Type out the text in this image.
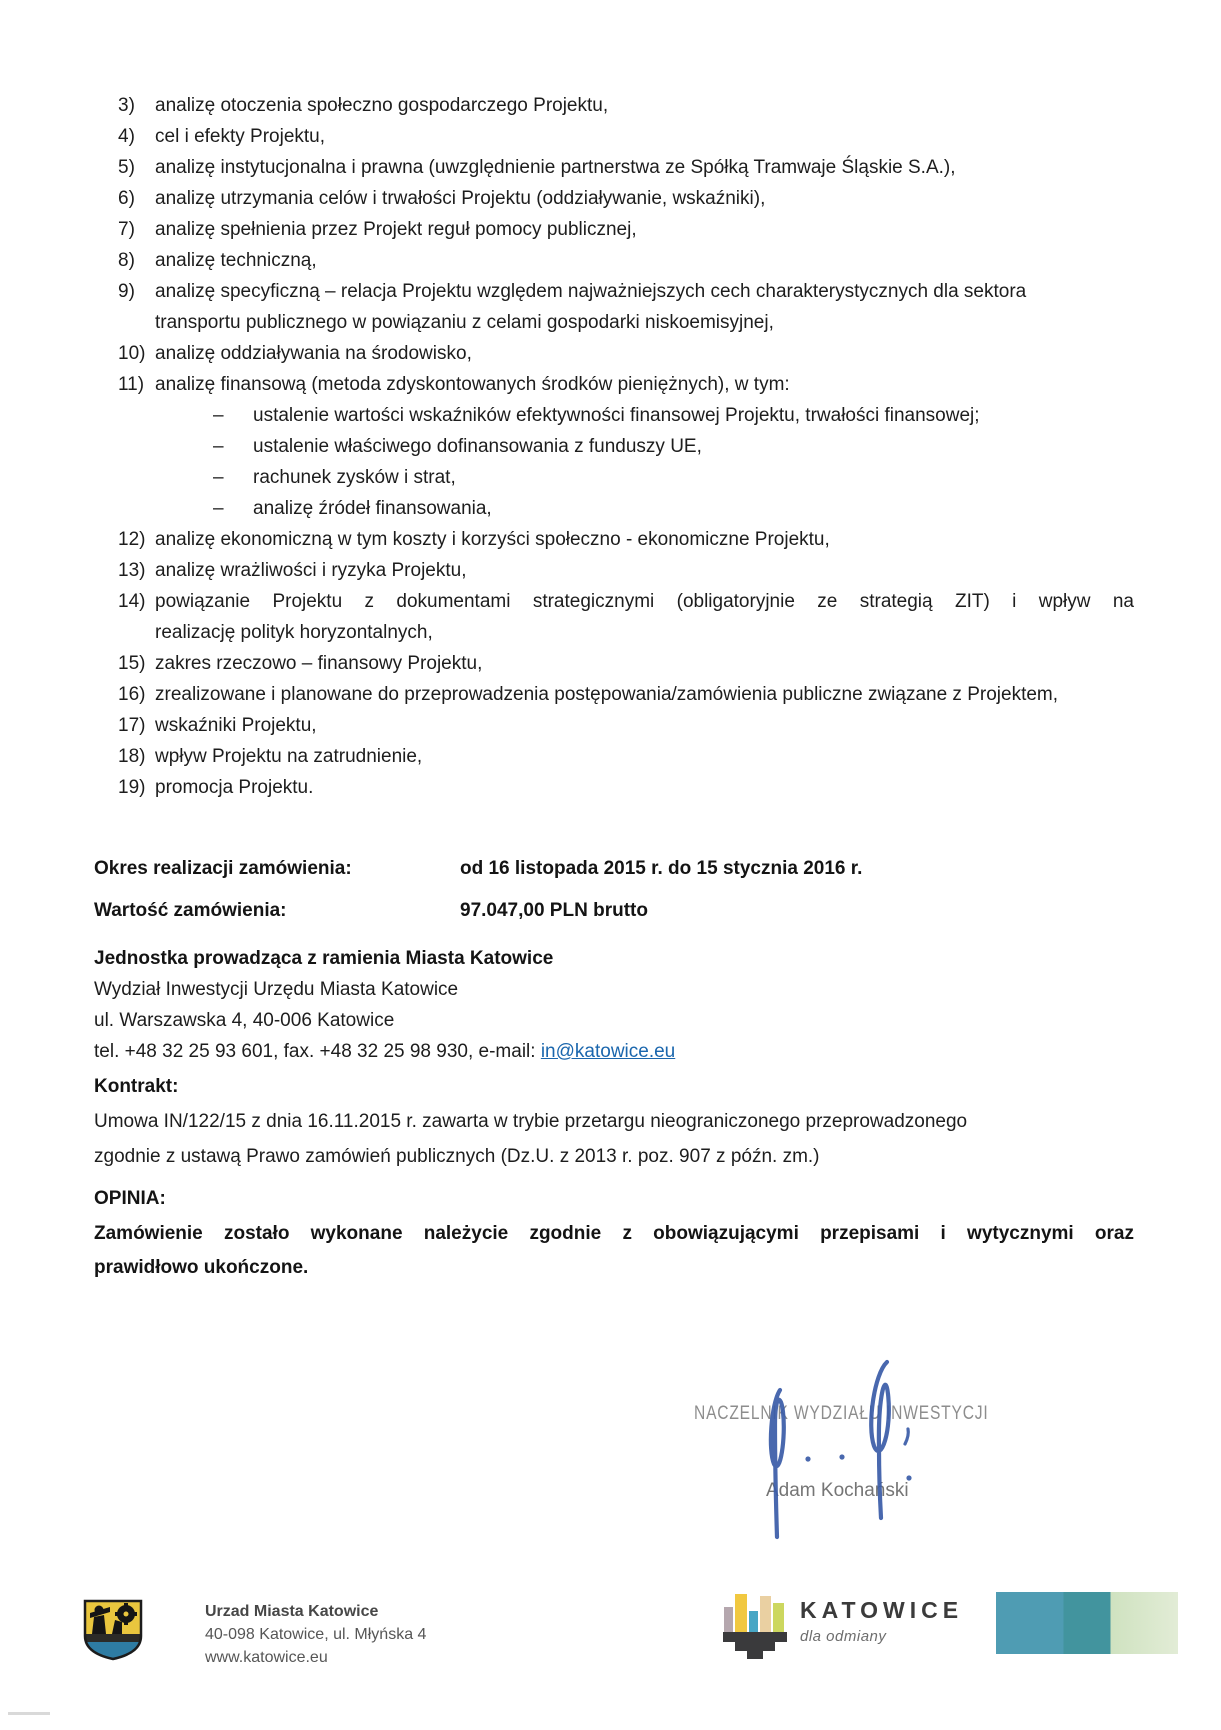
3)	analizę otoczenia społeczno gospodarczego Projektu,
4)	cel i efekty Projektu,
5)	analizę instytucjonalna i prawna (uwzględnienie partnerstwa ze Spółką Tramwaje Śląskie S.A.),
6)	analizę utrzymania celów i trwałości Projektu (oddziaływanie, wskaźniki),
7)	analizę spełnienia przez Projekt reguł pomocy publicznej,
8)	analizę techniczną,
9)	analizę specyficzną – relacja Projektu względem najważniejszych cech charakterystycznych dla sektora
transportu publicznego w powiązaniu z celami gospodarki niskoemisyjnej,
10) analizę oddziaływania na środowisko,
11) analizę finansową (metoda zdyskontowanych środków pieniężnych), w tym:
–	ustalenie wartości wskaźników efektywności finansowej Projektu, trwałości finansowej;
–	ustalenie właściwego dofinansowania z funduszy UE,
–	rachunek zysków i strat,
–	analizę źródeł finansowania,
12) analizę ekonomiczną w tym koszty i korzyści społeczno - ekonomiczne Projektu,
13) analizę wrażliwości i ryzyka Projektu,
14) powiązanie Projektu z dokumentami strategicznymi (obligatoryjnie ze strategią ZIT) i wpływ na
realizację polityk horyzontalnych,
15) zakres rzeczowo – finansowy Projektu,
16) zrealizowane i planowane do przeprowadzenia postępowania/zamówienia publiczne związane z Projektem,
17) wskaźniki Projektu,
18) wpływ Projektu na zatrudnienie,
19) promocja Projektu.
Okres realizacji zamówienia:	od 16 listopada 2015 r. do 15 stycznia 2016 r.
Wartość zamówienia:	97.047,00 PLN brutto
Jednostka prowadząca z ramienia Miasta Katowice
Wydział Inwestycji Urzędu Miasta Katowice
ul. Warszawska 4, 40-006 Katowice
tel. +48 32 25 93 601, fax. +48 32 25 98 930, e-mail: in@katowice.eu
Kontrakt:
Umowa IN/122/15 z dnia 16.11.2015 r. zawarta w trybie przetargu nieograniczonego przeprowadzonego
zgodnie z ustawą Prawo zamówień publicznych (Dz.U. z 2013 r. poz. 907 z późn. zm.)
OPINIA:
Zamówienie zostało wykonane należycie zgodnie z obowiązującymi przepisami i wytycznymi oraz
prawidłowo ukończone.
NACZELNIK WYDZIAŁU INWESTYCJI
Adam Kochański
Urzad Miasta Katowice
40-098 Katowice, ul. Młyńska 4
www.katowice.eu
KATOWICE
dla odmiany
